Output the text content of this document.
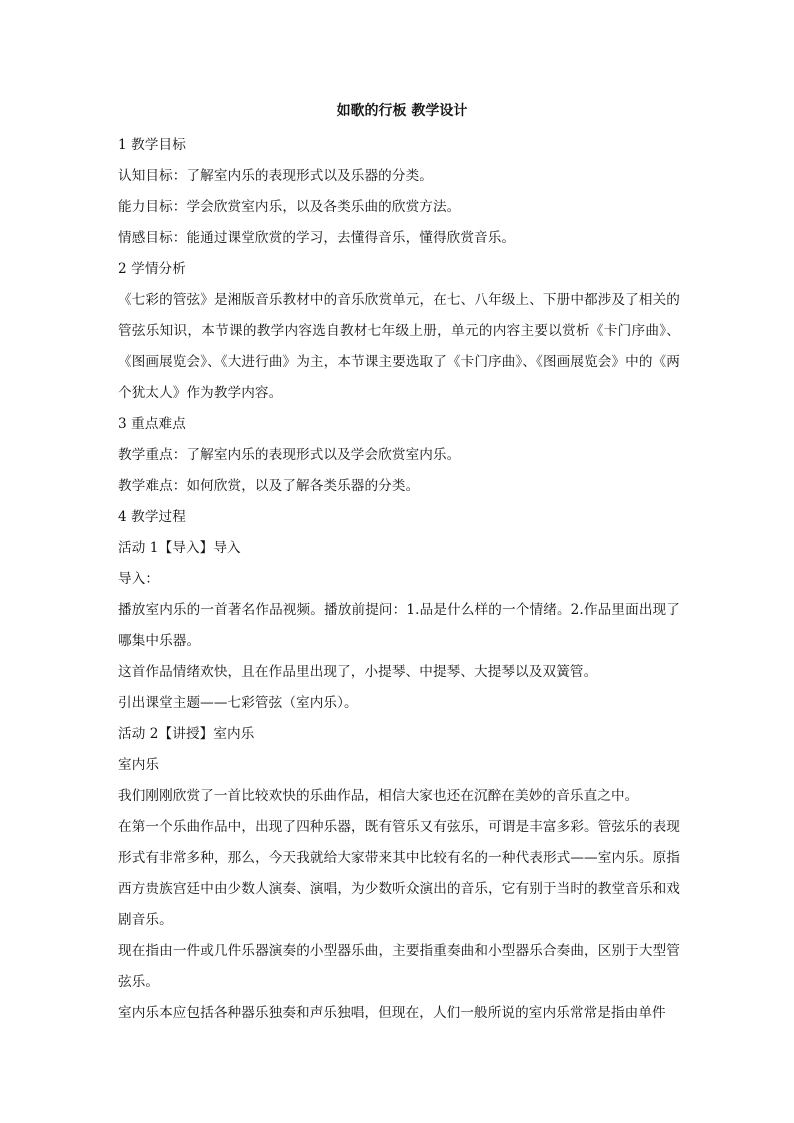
如歌的行板 教学设计

1 教学目标

认知目标：了解室内乐的表现形式以及乐器的分类。

能力目标：学会欣赏室内乐，以及各类乐曲的欣赏方法。

情感目标：能通过课堂欣赏的学习，去懂得音乐，懂得欣赏音乐。

2 学情分析

《七彩的管弦》是湘版音乐教材中的音乐欣赏单元，在七、八年级上、下册中都涉及了相关的管弦乐知识，本节课的教学内容选自教材七年级上册，单元的内容主要以赏析《卡门序曲》、《图画展览会》、《大进行曲》为主，本节课主要选取了《卡门序曲》、《图画展览会》中的《两个犹太人》作为教学内容。

3 重点难点

教学重点：了解室内乐的表现形式以及学会欣赏室内乐。

教学难点：如何欣赏，以及了解各类乐器的分类。

4 教学过程

活动 1【导入】导入

导入：

播放室内乐的一首著名作品视频。播放前提问：1.品是什么样的一个情绪。2.作品里面出现了哪集中乐器。

这首作品情绪欢快，且在作品里出现了，小提琴、中提琴、大提琴以及双簧管。

引出课堂主题——七彩管弦（室内乐）。

活动 2【讲授】室内乐

室内乐

我们刚刚欣赏了一首比较欢快的乐曲作品，相信大家也还在沉醉在美妙的音乐直之中。

在第一个乐曲作品中，出现了四种乐器，既有管乐又有弦乐，可谓是丰富多彩。管弦乐的表现形式有非常多种，那么，今天我就给大家带来其中比较有名的一种代表形式——室内乐。原指西方贵族宫廷中由少数人演奏、演唱，为少数听众演出的音乐，它有别于当时的教堂音乐和戏剧音乐。

现在指由一件或几件乐器演奏的小型器乐曲，主要指重奏曲和小型器乐合奏曲，区别于大型管弦乐。

室内乐本应包括各种器乐独奏和声乐独唱，但现在，人们一般所说的室内乐常常是指由单件
